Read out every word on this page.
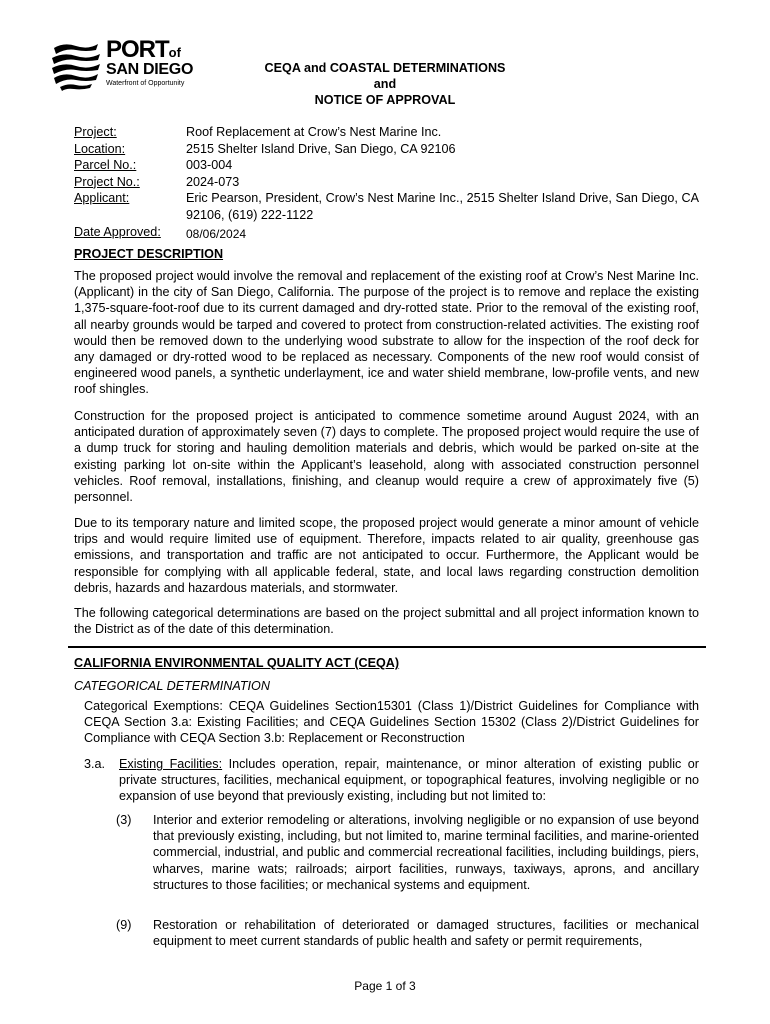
PORTof
SAN DIEGO
Waterfront of Opportunity
CEQA and COASTAL DETERMINATIONS
and
NOTICE OF APPROVAL
Project:	Roof Replacement at Crow’s Nest Marine Inc.
Location:	2515 Shelter Island Drive, San Diego, CA 92106
Parcel No.:	003-004
Project No.:	2024-073
Applicant:	Eric Pearson, President, Crow’s Nest Marine Inc., 2515 Shelter Island Drive, San Diego, CA 92106, (619) 222-1122
Date Approved:	08/06/2024
PROJECT DESCRIPTION
The proposed project would involve the removal and replacement of the existing roof at Crow’s Nest Marine Inc. (Applicant) in the city of San Diego, California. The purpose of the project is to remove and replace the existing 1,375-square-foot-roof due to its current damaged and dry-rotted state. Prior to the removal of the existing roof, all nearby grounds would be tarped and covered to protect from construction-related activities. The existing roof would then be removed down to the underlying wood substrate to allow for the inspection of the roof deck for any damaged or dry-rotted wood to be replaced as necessary. Components of the new roof would consist of engineered wood panels, a synthetic underlayment, ice and water shield membrane, low-profile vents, and new roof shingles.
Construction for the proposed project is anticipated to commence sometime around August 2024, with an anticipated duration of approximately seven (7) days to complete. The proposed project would require the use of a dump truck for storing and hauling demolition materials and debris, which would be parked on-site at the existing parking lot on-site within the Applicant’s leasehold, along with associated construction personnel vehicles. Roof removal, installations, finishing, and cleanup would require a crew of approximately five (5) personnel.
Due to its temporary nature and limited scope, the proposed project would generate a minor amount of vehicle trips and would require limited use of equipment. Therefore, impacts related to air quality, greenhouse gas emissions, and transportation and traffic are not anticipated to occur. Furthermore, the Applicant would be responsible for complying with all applicable federal, state, and local laws regarding construction demolition debris, hazards and hazardous materials, and stormwater.
The following categorical determinations are based on the project submittal and all project information known to the District as of the date of this determination.
CALIFORNIA ENVIRONMENTAL QUALITY ACT (CEQA)
CATEGORICAL DETERMINATION
Categorical Exemptions: CEQA Guidelines Section15301 (Class 1)/District Guidelines for Compliance with CEQA Section 3.a: Existing Facilities; and CEQA Guidelines Section 15302 (Class 2)/District Guidelines for Compliance with CEQA Section 3.b: Replacement or Reconstruction
3.a. Existing Facilities: Includes operation, repair, maintenance, or minor alteration of existing public or private structures, facilities, mechanical equipment, or topographical features, involving negligible or no expansion of use beyond that previously existing, including but not limited to:
(3) Interior and exterior remodeling or alterations, involving negligible or no expansion of use beyond that previously existing, including, but not limited to, marine terminal facilities, and marine-oriented commercial, industrial, and public and commercial recreational facilities, including buildings, piers, wharves, marine wats; railroads; airport facilities, runways, taxiways, aprons, and ancillary structures to those facilities; or mechanical systems and equipment.
(9) Restoration or rehabilitation of deteriorated or damaged structures, facilities or mechanical equipment to meet current standards of public health and safety or permit requirements,
Page 1 of 3
